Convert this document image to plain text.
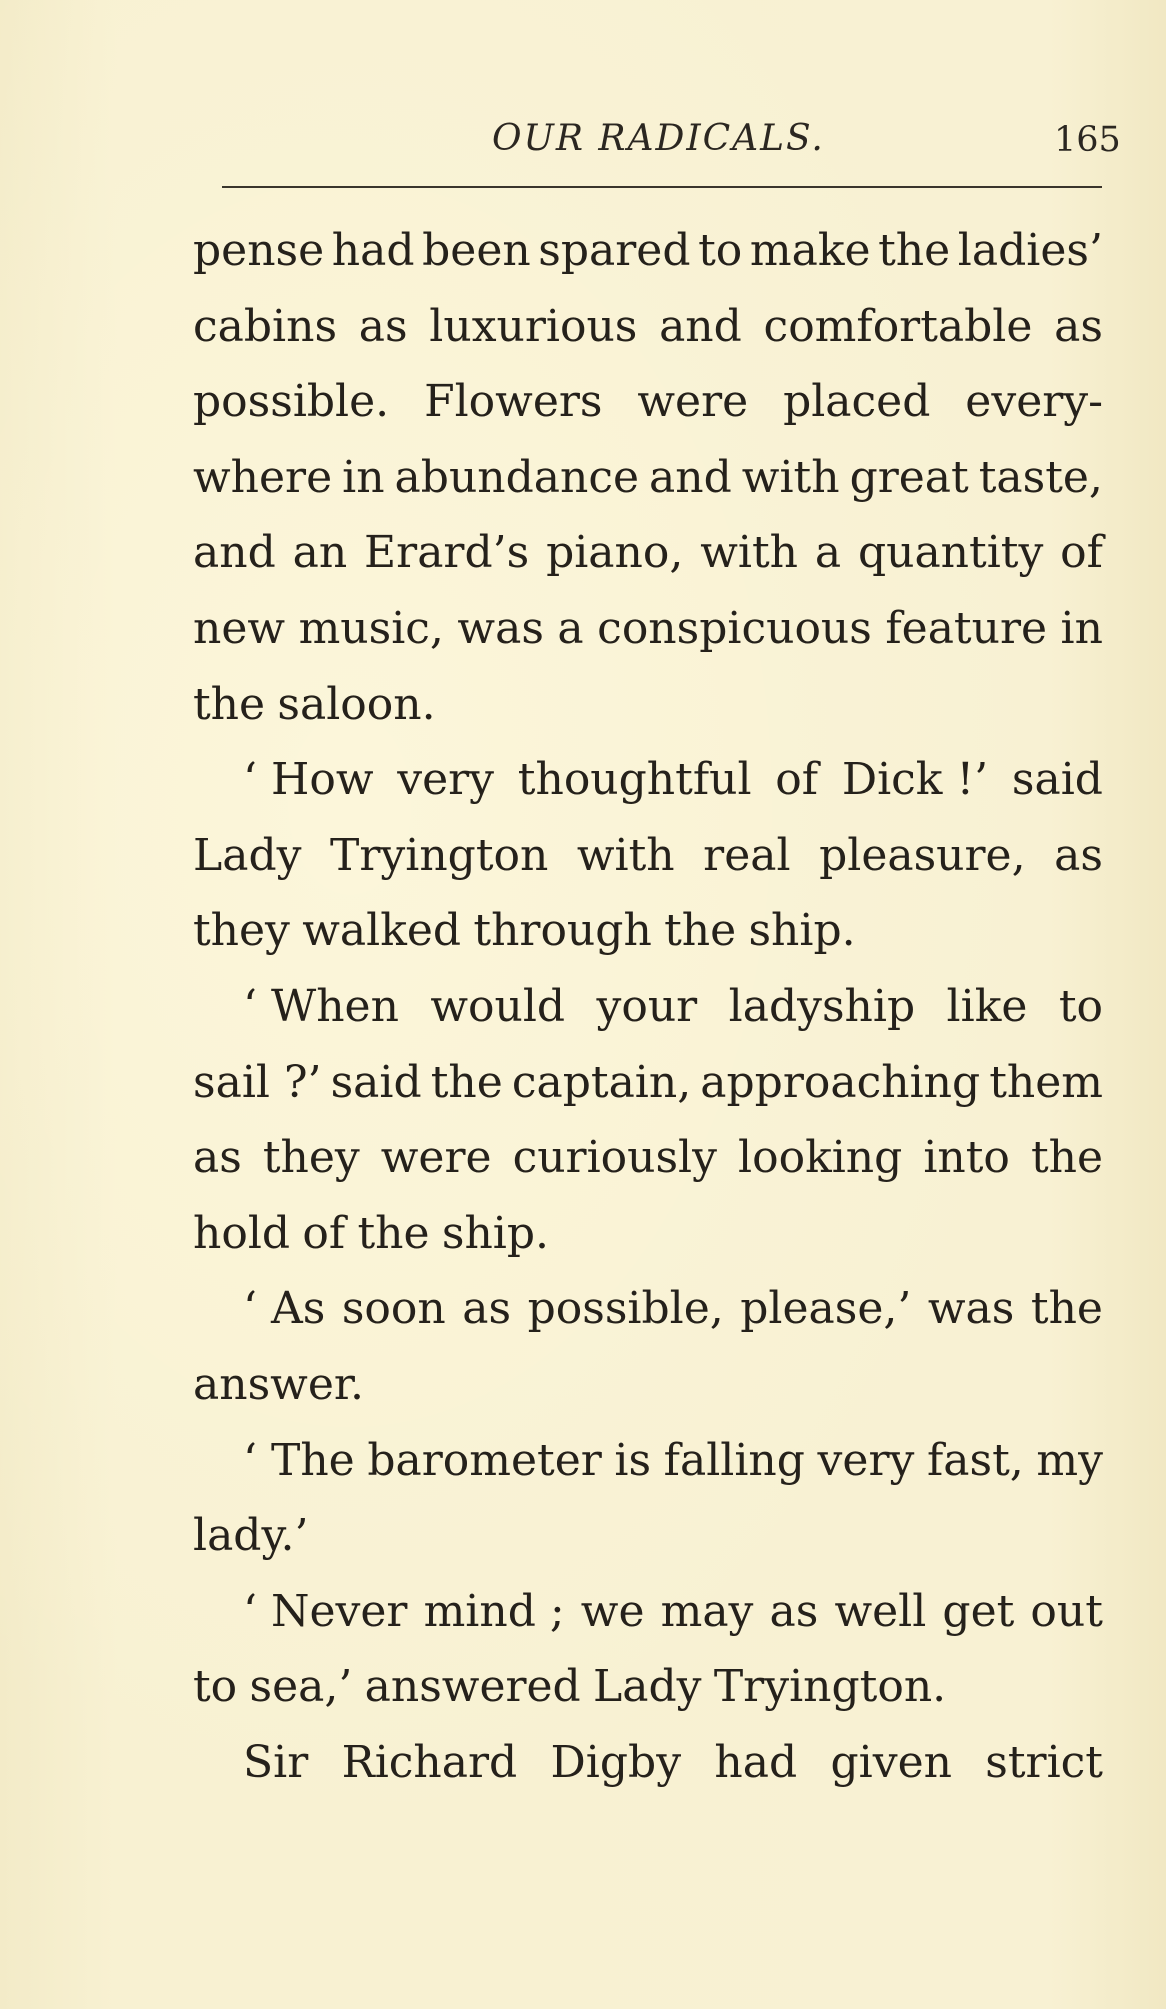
OUR RADICALS.	165
pense had been spared to make the ladies’
cabins as luxurious and comfortable as
possible. Flowers were placed every-
where in abundance and with great taste,
and an Erard’s piano, with a quantity of
new music, was a conspicuous feature in
the saloon.
‘ How very thoughtful of Dick !’ said
Lady Tryington with real pleasure, as
they walked through the ship.
‘ When would your ladyship like to
sail ?’ said the captain, approaching them
as they were curiously looking into the
hold of the ship.
‘ As soon as possible, please,’ was the
answer.
‘ The barometer is falling very fast, my
lady.’
‘ Never mind ; we may as well get out
to sea,’ answered Lady Tryington.
Sir Richard Digby had given strict
